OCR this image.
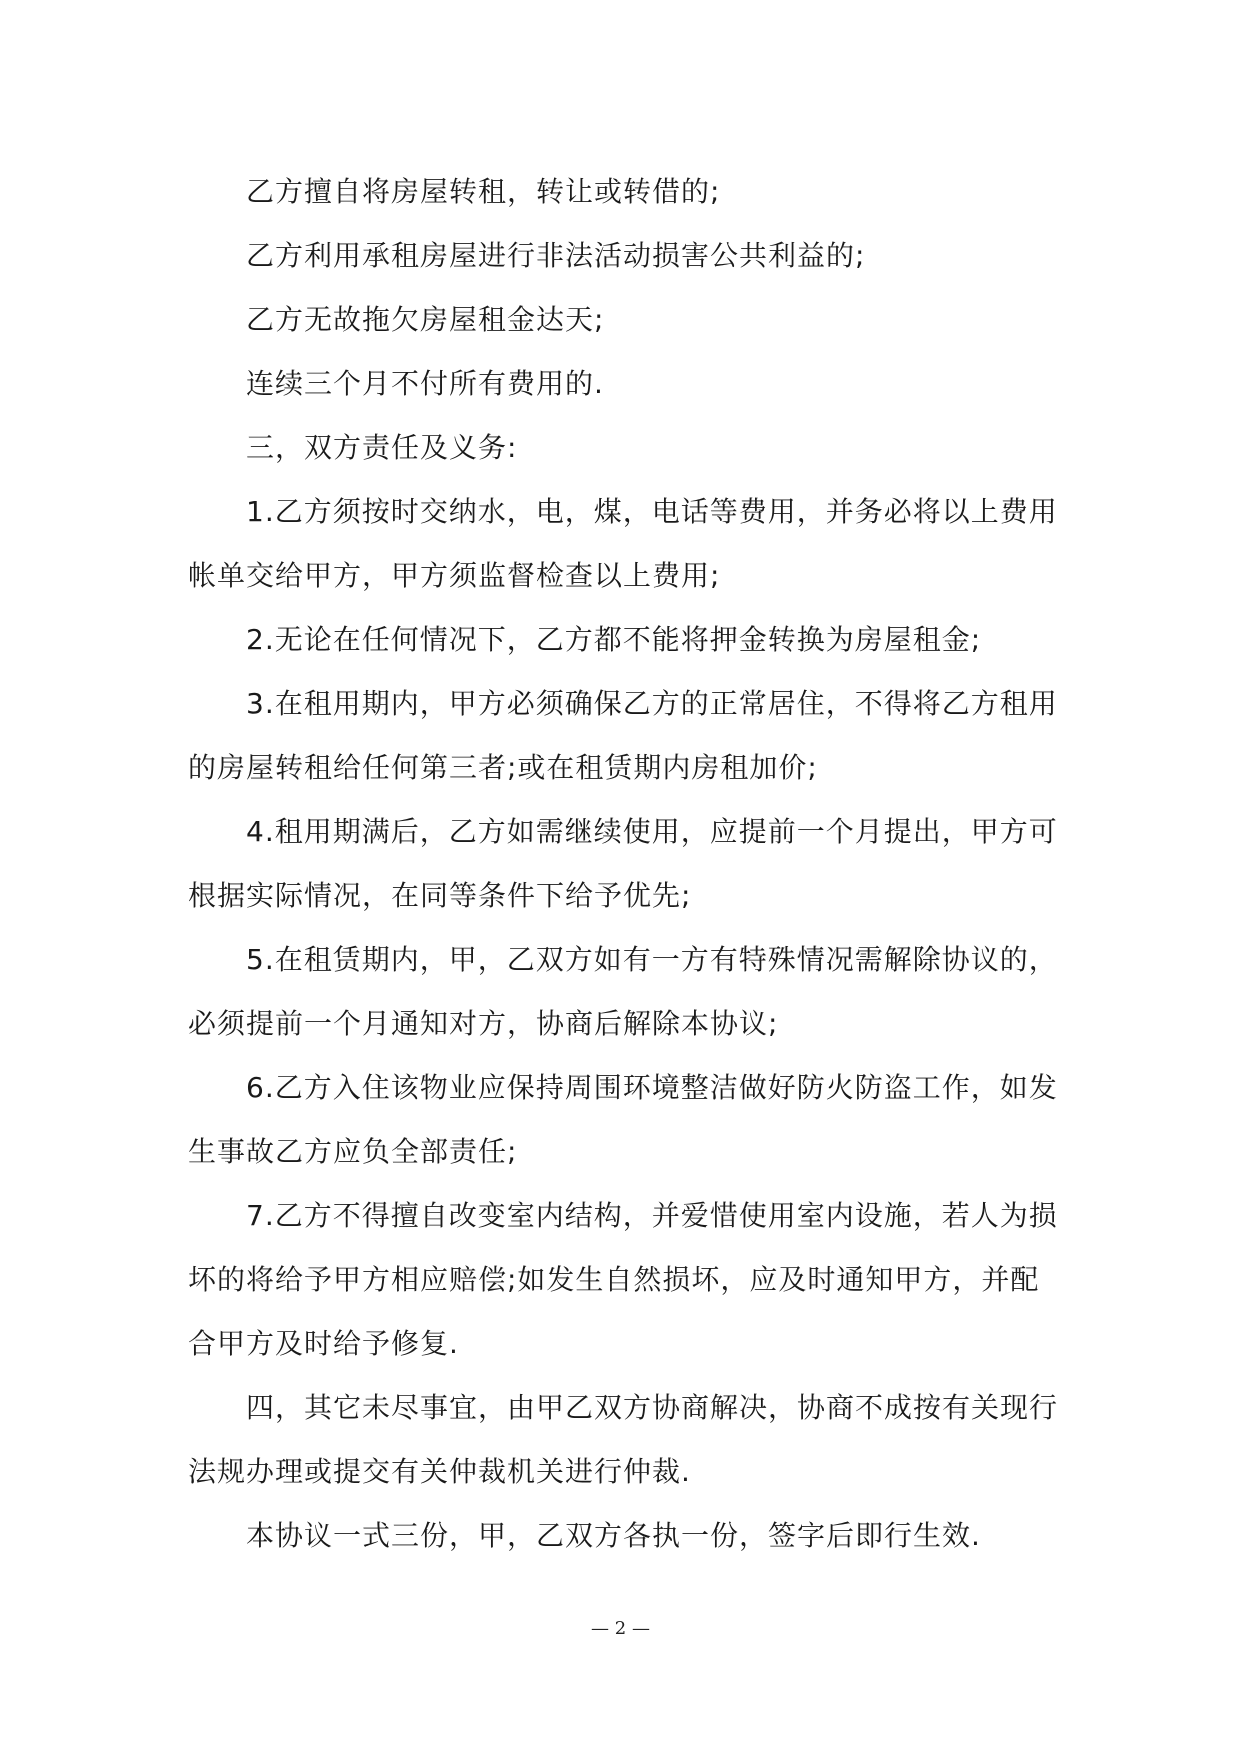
乙方擅自将房屋转租，转让或转借的;

乙方利用承租房屋进行非法活动损害公共利益的;

乙方无故拖欠房屋租金达天;

连续三个月不付所有费用的.

三，双方责任及义务:

1.乙方须按时交纳水，电，煤，电话等费用，并务必将以上费用帐单交给甲方，甲方须监督检查以上费用;

2.无论在任何情况下，乙方都不能将押金转换为房屋租金;

3.在租用期内，甲方必须确保乙方的正常居住，不得将乙方租用的房屋转租给任何第三者;或在租赁期内房租加价;

4.租用期满后，乙方如需继续使用，应提前一个月提出，甲方可根据实际情况，在同等条件下给予优先;

5.在租赁期内，甲，乙双方如有一方有特殊情况需解除协议的，必须提前一个月通知对方，协商后解除本协议;

6.乙方入住该物业应保持周围环境整洁做好防火防盗工作，如发生事故乙方应负全部责任;

7.乙方不得擅自改变室内结构，并爱惜使用室内设施，若人为损坏的将给予甲方相应赔偿;如发生自然损坏，应及时通知甲方，并配合甲方及时给予修复.

四，其它未尽事宜，由甲乙双方协商解决，协商不成按有关现行法规办理或提交有关仲裁机关进行仲裁.

本协议一式三份，甲，乙双方各执一份，签字后即行生效.

— 2 —
